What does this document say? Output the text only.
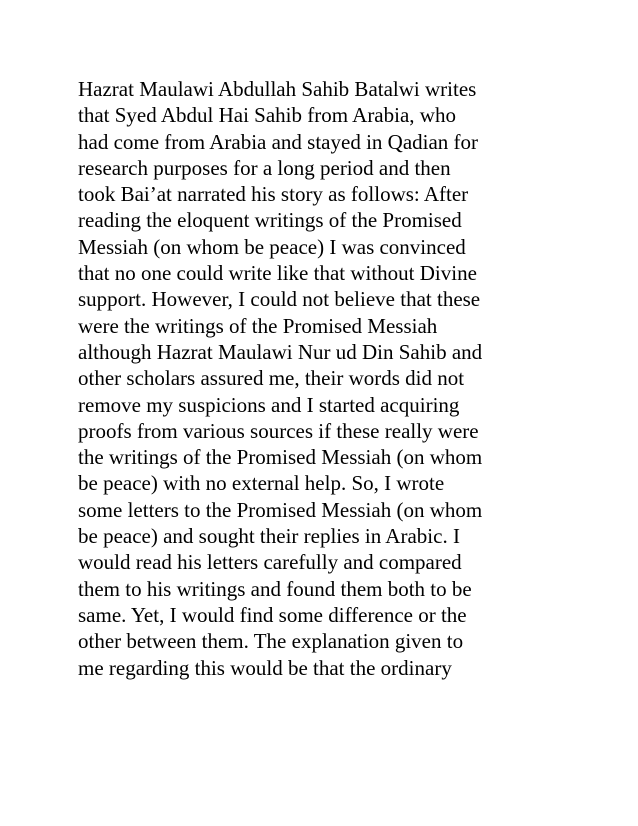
Hazrat Maulawi Abdullah Sahib Batalwi writes
that Syed Abdul Hai Sahib from Arabia, who
had come from Arabia and stayed in Qadian for
research purposes for a long period and then
took Bai’at narrated his story as follows: After
reading the eloquent writings of the Promised
Messiah (on whom be peace) I was convinced
that no one could write like that without Divine
support. However, I could not believe that these
were the writings of the Promised Messiah
although Hazrat Maulawi Nur ud Din Sahib and
other scholars assured me, their words did not
remove my suspicions and I started acquiring
proofs from various sources if these really were
the writings of the Promised Messiah (on whom
be peace) with no external help. So, I wrote
some letters to the Promised Messiah (on whom
be peace) and sought their replies in Arabic. I
would read his letters carefully and compared
them to his writings and found them both to be
same. Yet, I would find some difference or the
other between them. The explanation given to
me regarding this would be that the ordinary
